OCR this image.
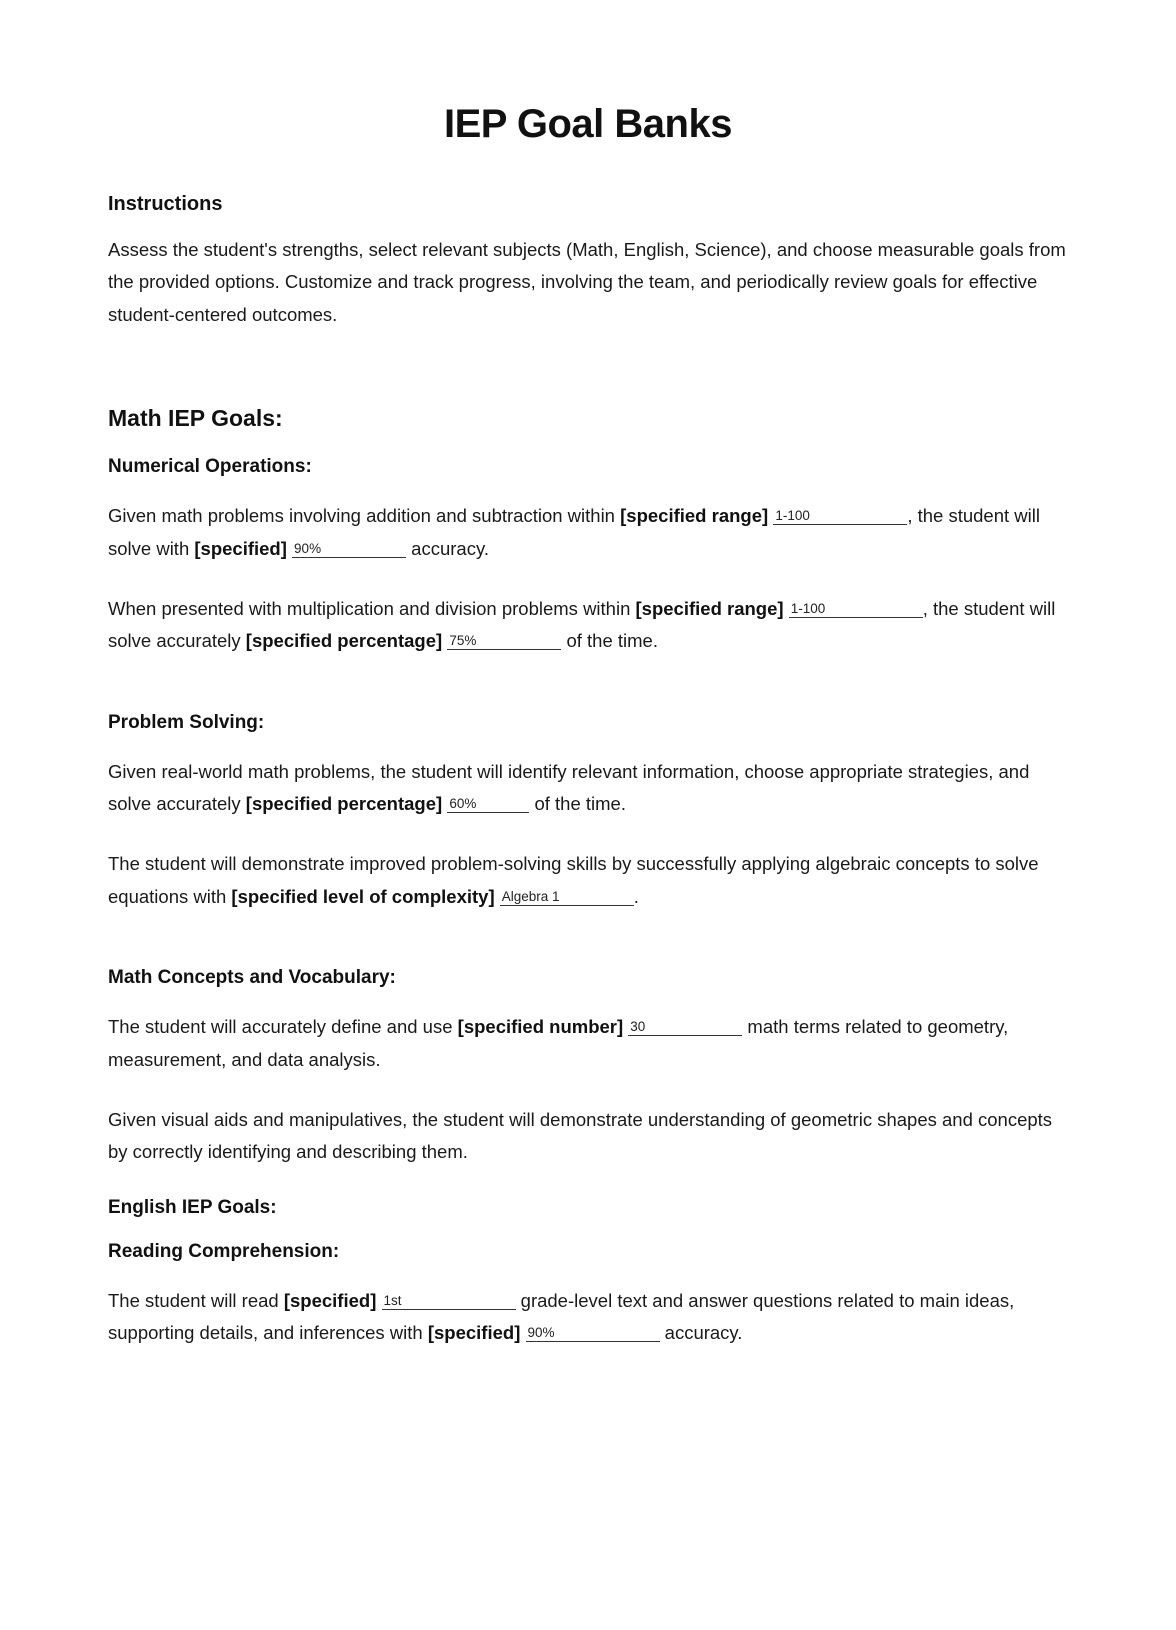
IEP Goal Banks
Instructions

Assess the student's strengths, select relevant subjects (Math, English, Science), and choose measurable goals from the provided options. Customize and track progress, involving the team, and periodically review goals for effective student-centered outcomes.

Math IEP Goals:
Numerical Operations:

Given math problems involving addition and subtraction within [specified range] 1-100	, the student will solve with [specified] 90%	accuracy.

When presented with multiplication and division problems within [specified range] 1-100	, the student will solve accurately [specified percentage] 75%	of the time.

Problem Solving:

Given real-world math problems, the student will identify relevant information, choose appropriate strategies, and solve accurately [specified percentage] 60%	of the time.

The student will demonstrate improved problem-solving skills by successfully applying algebraic concepts to solve equations with [specified level of complexity] Algebra 1	.

Math Concepts and Vocabulary:

The student will accurately define and use [specified number] 30	math terms related to geometry, measurement, and data analysis.

Given visual aids and manipulatives, the student will demonstrate understanding of geometric shapes and concepts by correctly identifying and describing them.

English IEP Goals:
Reading Comprehension:

The student will read [specified] 1st	grade-level text and answer questions related to main ideas, supporting details, and inferences with [specified] 90%	accuracy.
